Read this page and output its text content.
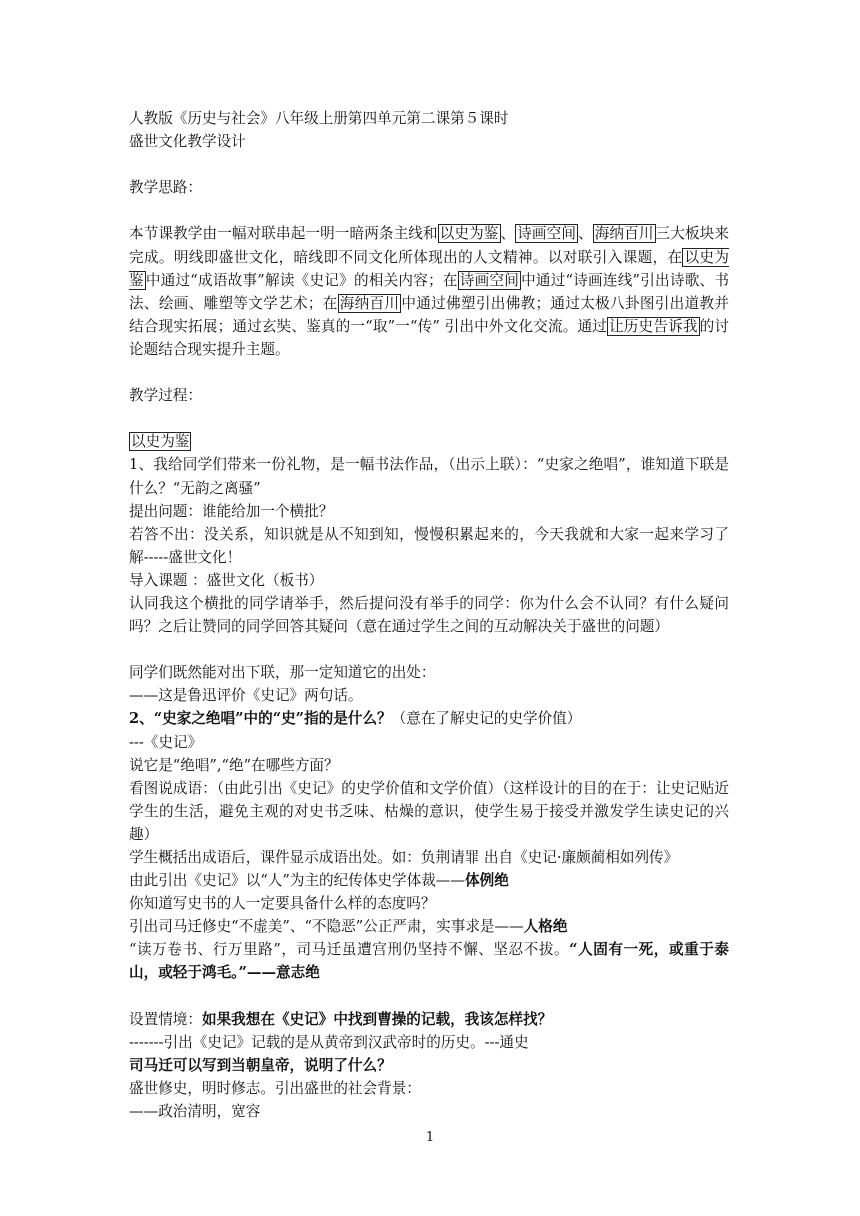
人教版《历史与社会》八年级上册第四单元第二课第５课时
盛世文化教学设计
教学思路：
本节课教学由一幅对联串起一明一暗两条主线和 以史为鉴 、 诗画空间 、 海纳百川 三大板块来完成。明线即盛世文化，暗线即不同文化所体现出的人文精神。以对联引入课题，在 以史为鉴 中通过“成语故事”解读《史记》的相关内容；在 诗画空间 中通过“诗画连线”引出诗歌、书法、绘画、雕塑等文学艺术；在 海纳百川 中通过佛塑引出佛教；通过太极八卦图引出道教并结合现实拓展；通过玄奘、鉴真的一“取”一“传” 引出中外文化交流。通过 让历史告诉我 的讨论题结合现实提升主题。
教学过程：
以史为鉴
1、我给同学们带来一份礼物，是一幅书法作品，（出示上联）：“史家之绝唱”，谁知道下联是什么？“无韵之离骚”
提出问题：谁能给加一个横批？
若答不出：没关系，知识就是从不知到知，慢慢积累起来的，今天我就和大家一起来学习了解-----盛世文化！
导入课题 ：盛世文化（板书）
认同我这个横批的同学请举手，然后提问没有举手的同学：你为什么会不认同？有什么疑问吗？之后让赞同的同学回答其疑问（意在通过学生之间的互动解决关于盛世的问题）
同学们既然能对出下联，那一定知道它的出处：
——这是鲁迅评价《史记》两句话。
2、“史家之绝唱”中的“史”指的是什么？（意在了解史记的史学价值）
---《史记》
说它是“绝唱”,“绝”在哪些方面？
看图说成语：（由此引出《史记》的史学价值和文学价值）（这样设计的目的在于：让史记贴近学生的生活，避免主观的对史书乏味、枯燥的意识，使学生易于接受并激发学生读史记的兴趣）
学生概括出成语后，课件显示成语出处。如：负荆请罪 出自《史记·廉颇蔺相如列传》
由此引出《史记》以“人”为主的纪传体史学体裁——体例绝
你知道写史书的人一定要具备什么样的态度吗？
引出司马迁修史“不虚美”、“不隐恶”公正严肃，实事求是——人格绝
“读万卷书、行万里路”，司马迁虽遭宫刑仍坚持不懈、坚忍不拔。“人固有一死，或重于泰山，或轻于鸿毛。”——意志绝
设置情境：如果我想在《史记》中找到曹操的记载，我该怎样找？
-------引出《史记》记载的是从黄帝到汉武帝时的历史。---通史
司马迁可以写到当朝皇帝，说明了什么？
盛世修史，明时修志。引出盛世的社会背景：
——政治清明，宽容
1
